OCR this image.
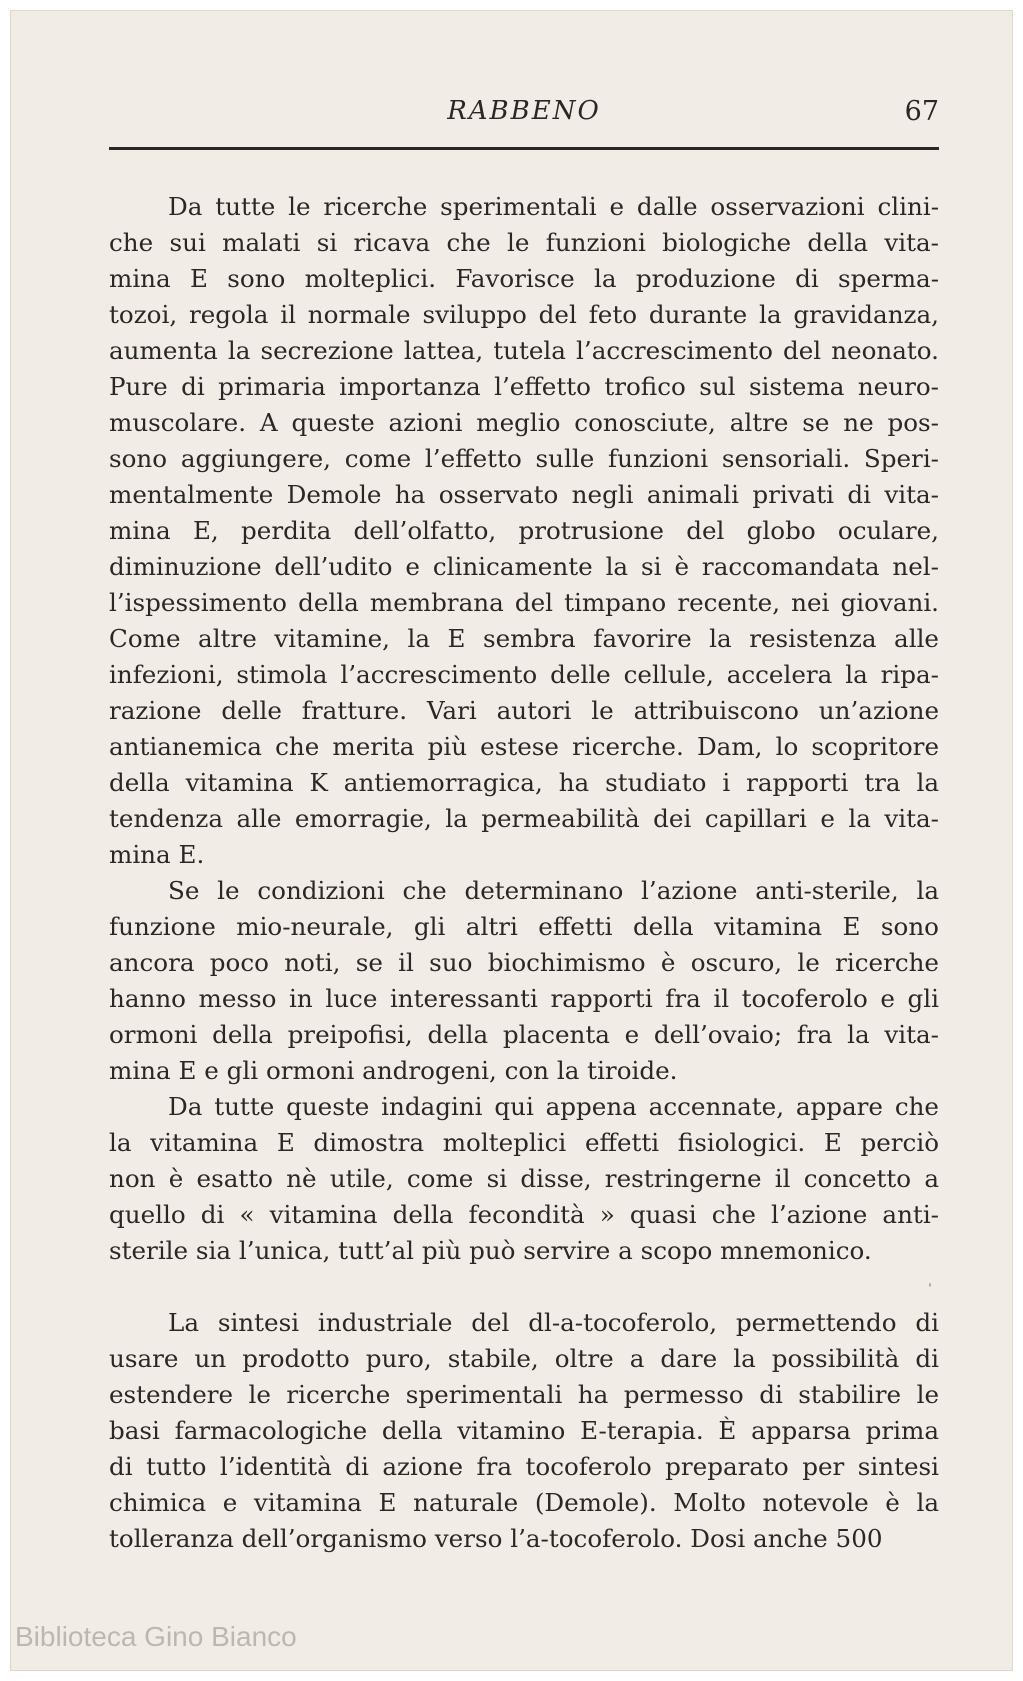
RABBENO	67

Da tutte le ricerche sperimentali e dalle osservazioni clini-
che sui malati si ricava che le funzioni biologiche della vita-
mina E sono molteplici. Favorisce la produzione di sperma-
tozoi, regola il normale sviluppo del feto durante la gravidanza,
aumenta la secrezione lattea, tutela l’accrescimento del neonato.
Pure di primaria importanza l’effetto trofico sul sistema neuro-
muscolare. A queste azioni meglio conosciute, altre se ne pos-
sono aggiungere, come l’effetto sulle funzioni sensoriali. Speri-
mentalmente Demole ha osservato negli animali privati di vita-
mina E, perdita dell’olfatto, protrusione del globo oculare,
diminuzione dell’udito e clinicamente la si è raccomandata nel-
l’ispessimento della membrana del timpano recente, nei giovani.
Come altre vitamine, la E sembra favorire la resistenza alle
infezioni, stimola l’accrescimento delle cellule, accelera la ripa-
razione delle fratture. Vari autori le attribuiscono un’azione
antianemica che merita più estese ricerche. Dam, lo scopritore
della vitamina K antiemorragica, ha studiato i rapporti tra la
tendenza alle emorragie, la permeabilità dei capillari e la vita-
mina E.

Se le condizioni che determinano l’azione anti-sterile, la
funzione mio-neurale, gli altri effetti della vitamina E sono
ancora poco noti, se il suo biochimismo è oscuro, le ricerche
hanno messo in luce interessanti rapporti fra il tocoferolo e gli
ormoni della preipofisi, della placenta e dell’ovaio; fra la vita-
mina E e gli ormoni androgeni, con la tiroide.

Da tutte queste indagini qui appena accennate, appare che
la vitamina E dimostra molteplici effetti fisiologici. E perciò
non è esatto nè utile, come si disse, restringerne il concetto a
quello di « vitamina della fecondità » quasi che l’azione anti-
sterile sia l’unica, tutt’al più può servire a scopo mnemonico.

La sintesi industriale del dl-a-tocoferolo, permettendo di
usare un prodotto puro, stabile, oltre a dare la possibilità di
estendere le ricerche sperimentali ha permesso di stabilire le
basi farmacologiche della vitamino E-terapia. È apparsa prima
di tutto l’identità di azione fra tocoferolo preparato per sintesi
chimica e vitamina E naturale (Demole). Molto notevole è la
tolleranza dell’organismo verso l’a-tocoferolo. Dosi anche 500

ˌ
Biblioteca Gino Bianco
